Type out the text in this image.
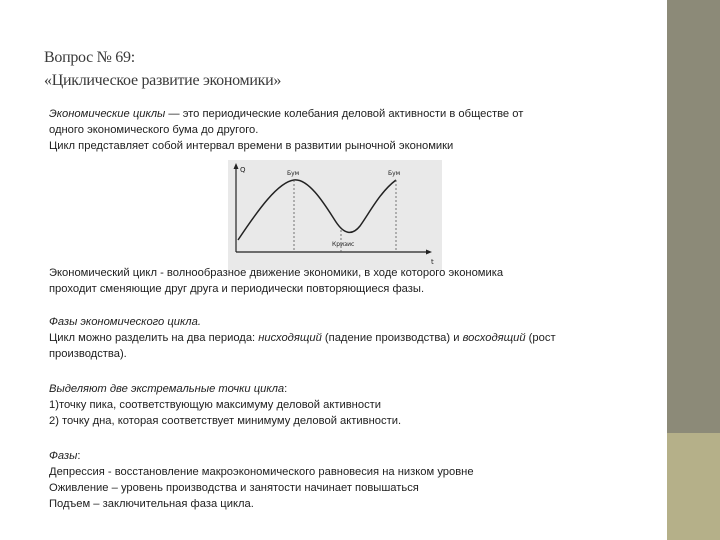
Вопрос № 69:
«Циклическое развитие экономики»
Экономические циклы — это периодические колебания деловой активности в обществе от
одного экономического бума до другого.
Цикл представляет собой интервал времени в развитии рыночной экономики
Q
t
Бум
Кризис
Бум
Экономический цикл - волнообразное движение экономики, в ходе которого экономика
проходит сменяющие друг друга и периодически повторяющиеся фазы.
Фазы экономического цикла.
Цикл можно разделить на два периода: нисходящий (падение производства) и восходящий (рост
производства).
Выделяют две экстремальные точки цикла:
1)точку пика, соответствующую максимуму деловой активности
2) точку дна, которая соответствует минимуму деловой активности.
Фазы:
Депрессия - восстановление макроэкономического равновесия на низком уровне
Оживление – уровень производства и занятости начинает повышаться
Подъем – заключительная фаза цикла.
